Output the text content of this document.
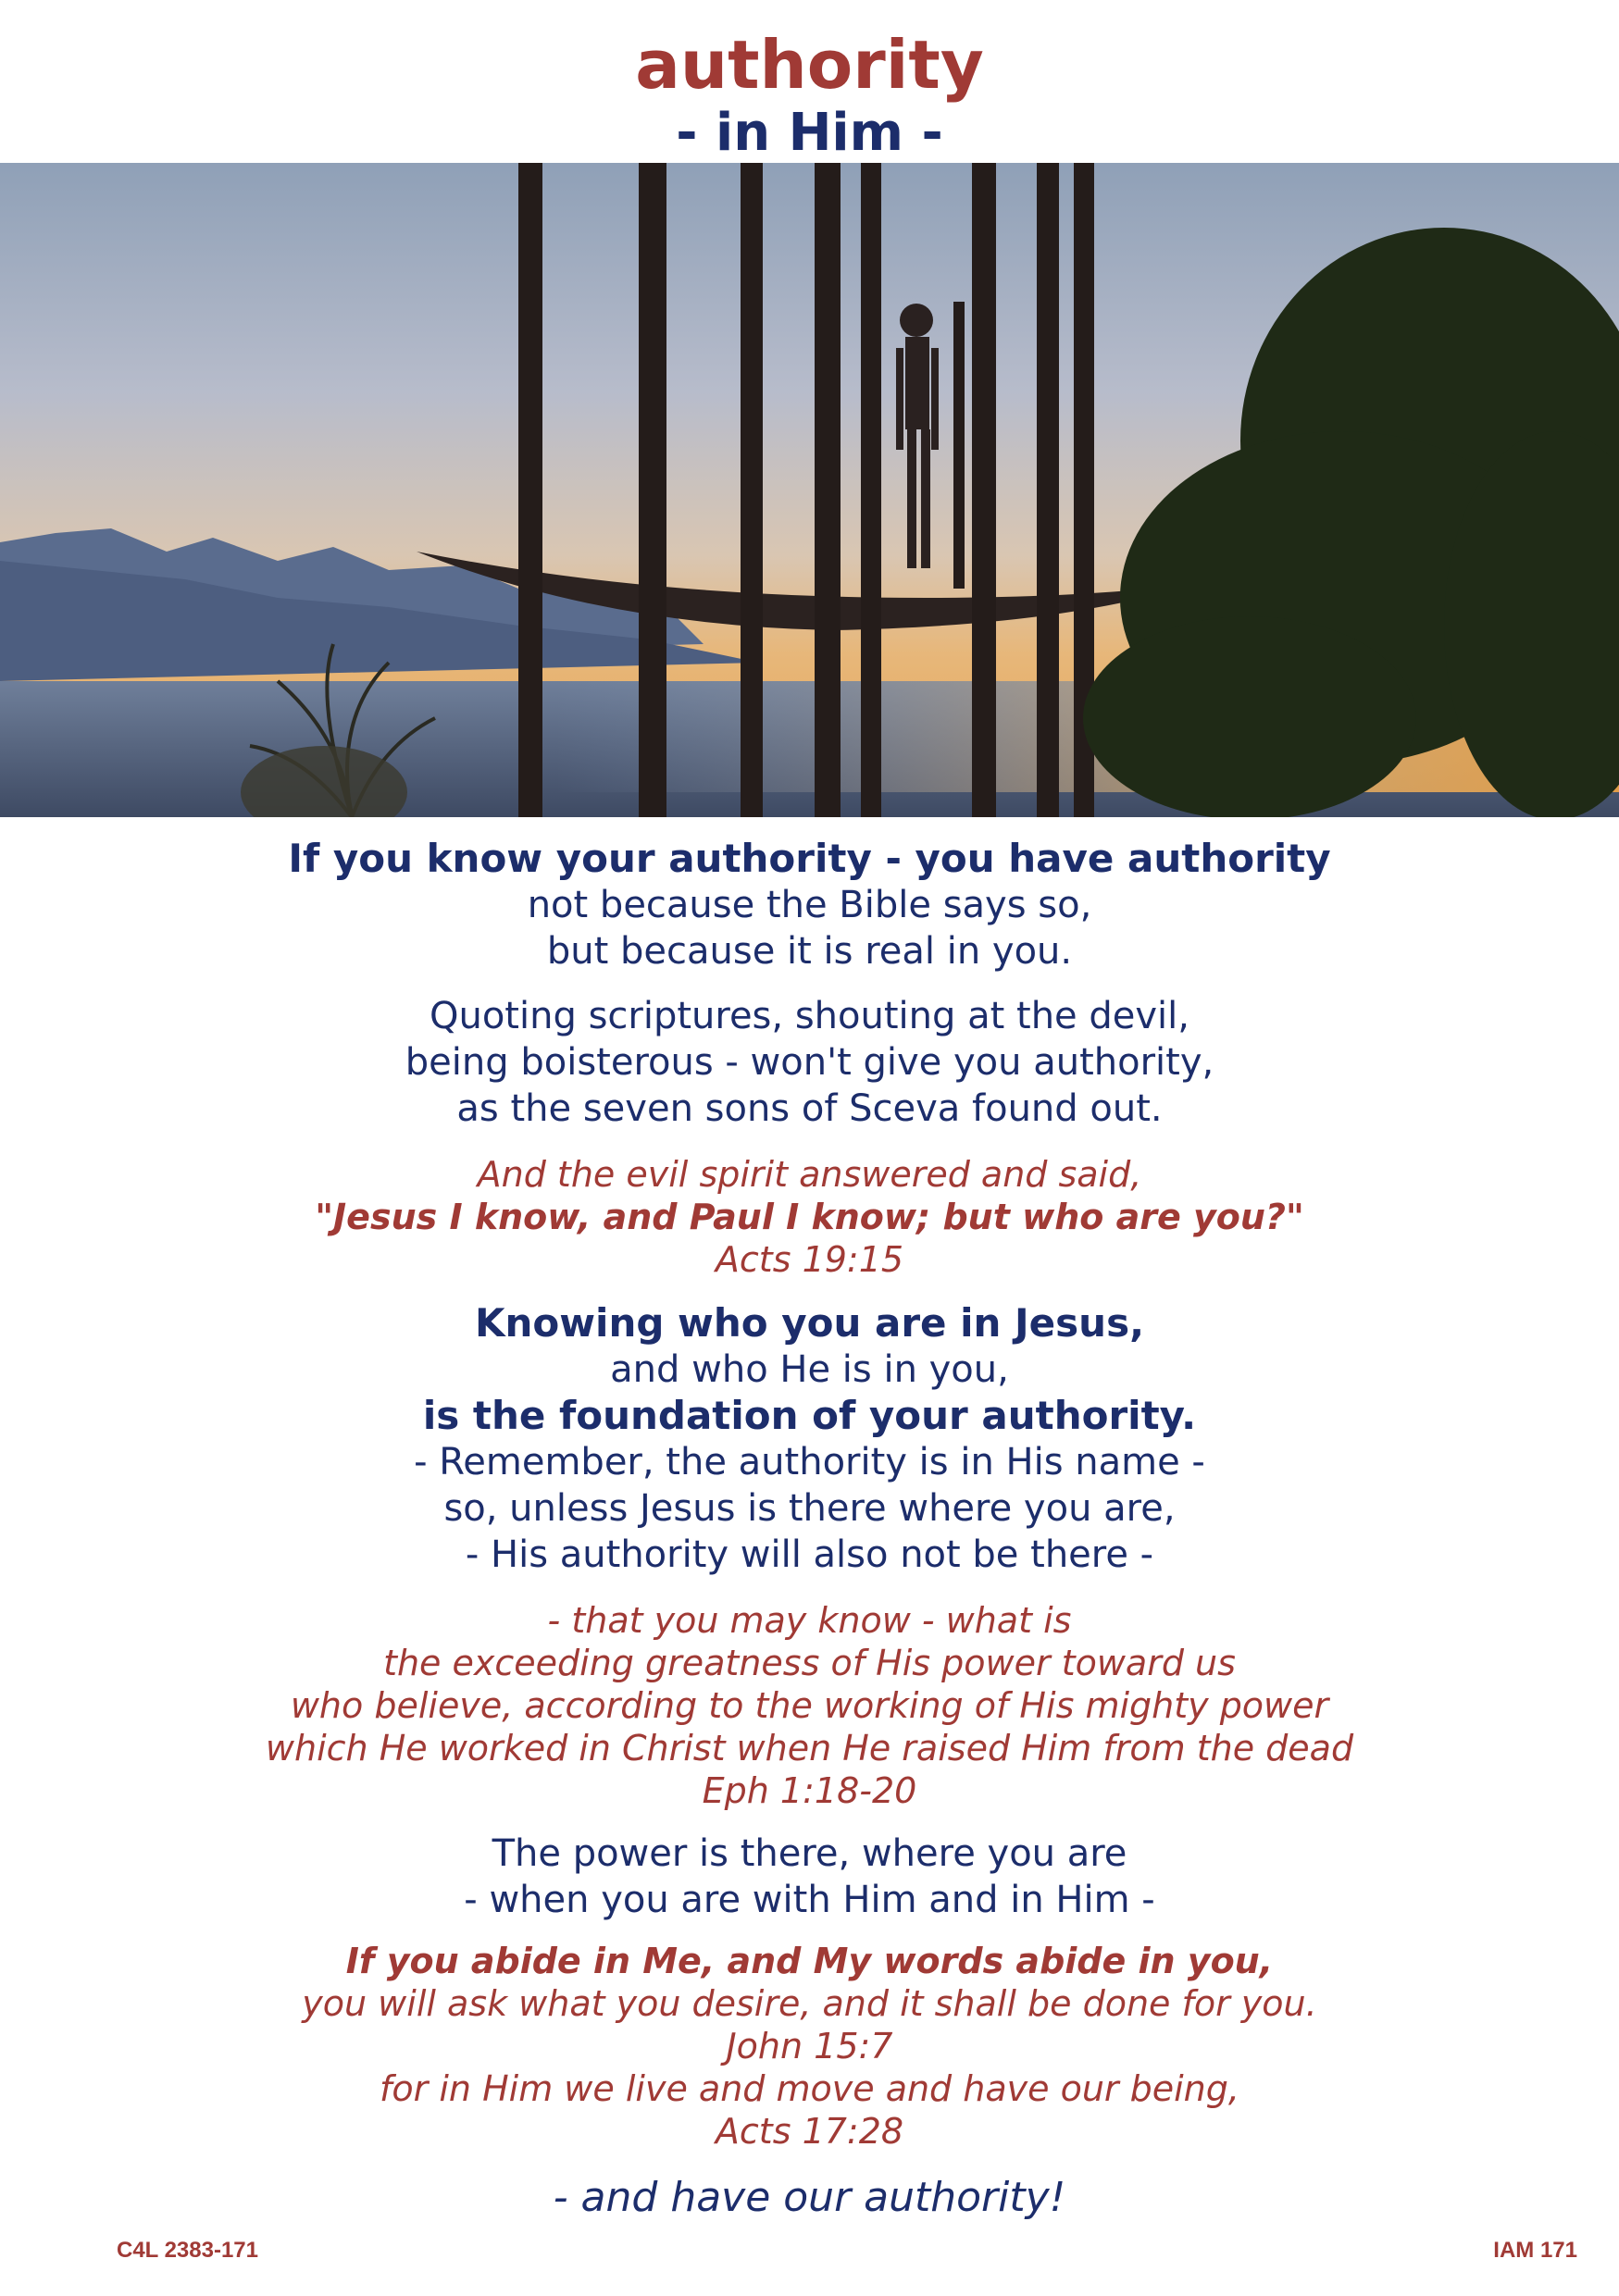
authority
- in Him -
If you know your authority - you have authority
not because the Bible says so,
but because it is real in you.
Quoting scriptures, shouting at the devil,
being boisterous - won't give you authority,
as the seven sons of Sceva found out.
And the evil spirit answered and said,
"Jesus I know, and Paul I know; but who are you?"
Acts 19:15
Knowing who you are in Jesus,
and who He is in you,
is the foundation of your authority.
- Remember, the authority is in His name -
so, unless Jesus is there where you are,
- His authority will also not be there -
- that you may know - what is
the exceeding greatness of His power toward us
who believe, according to the working of His mighty power
which He worked in Christ when He raised Him from the dead
Eph 1:18-20
The power is there, where you are
- when you are with Him and in Him -
If you abide in Me, and My words abide in you,
you will ask what you desire, and it shall be done for you.
John 15:7
for in Him we live and move and have our being,
Acts 17:28
- and have our authority!
C4L 2383-171	IAM 171
